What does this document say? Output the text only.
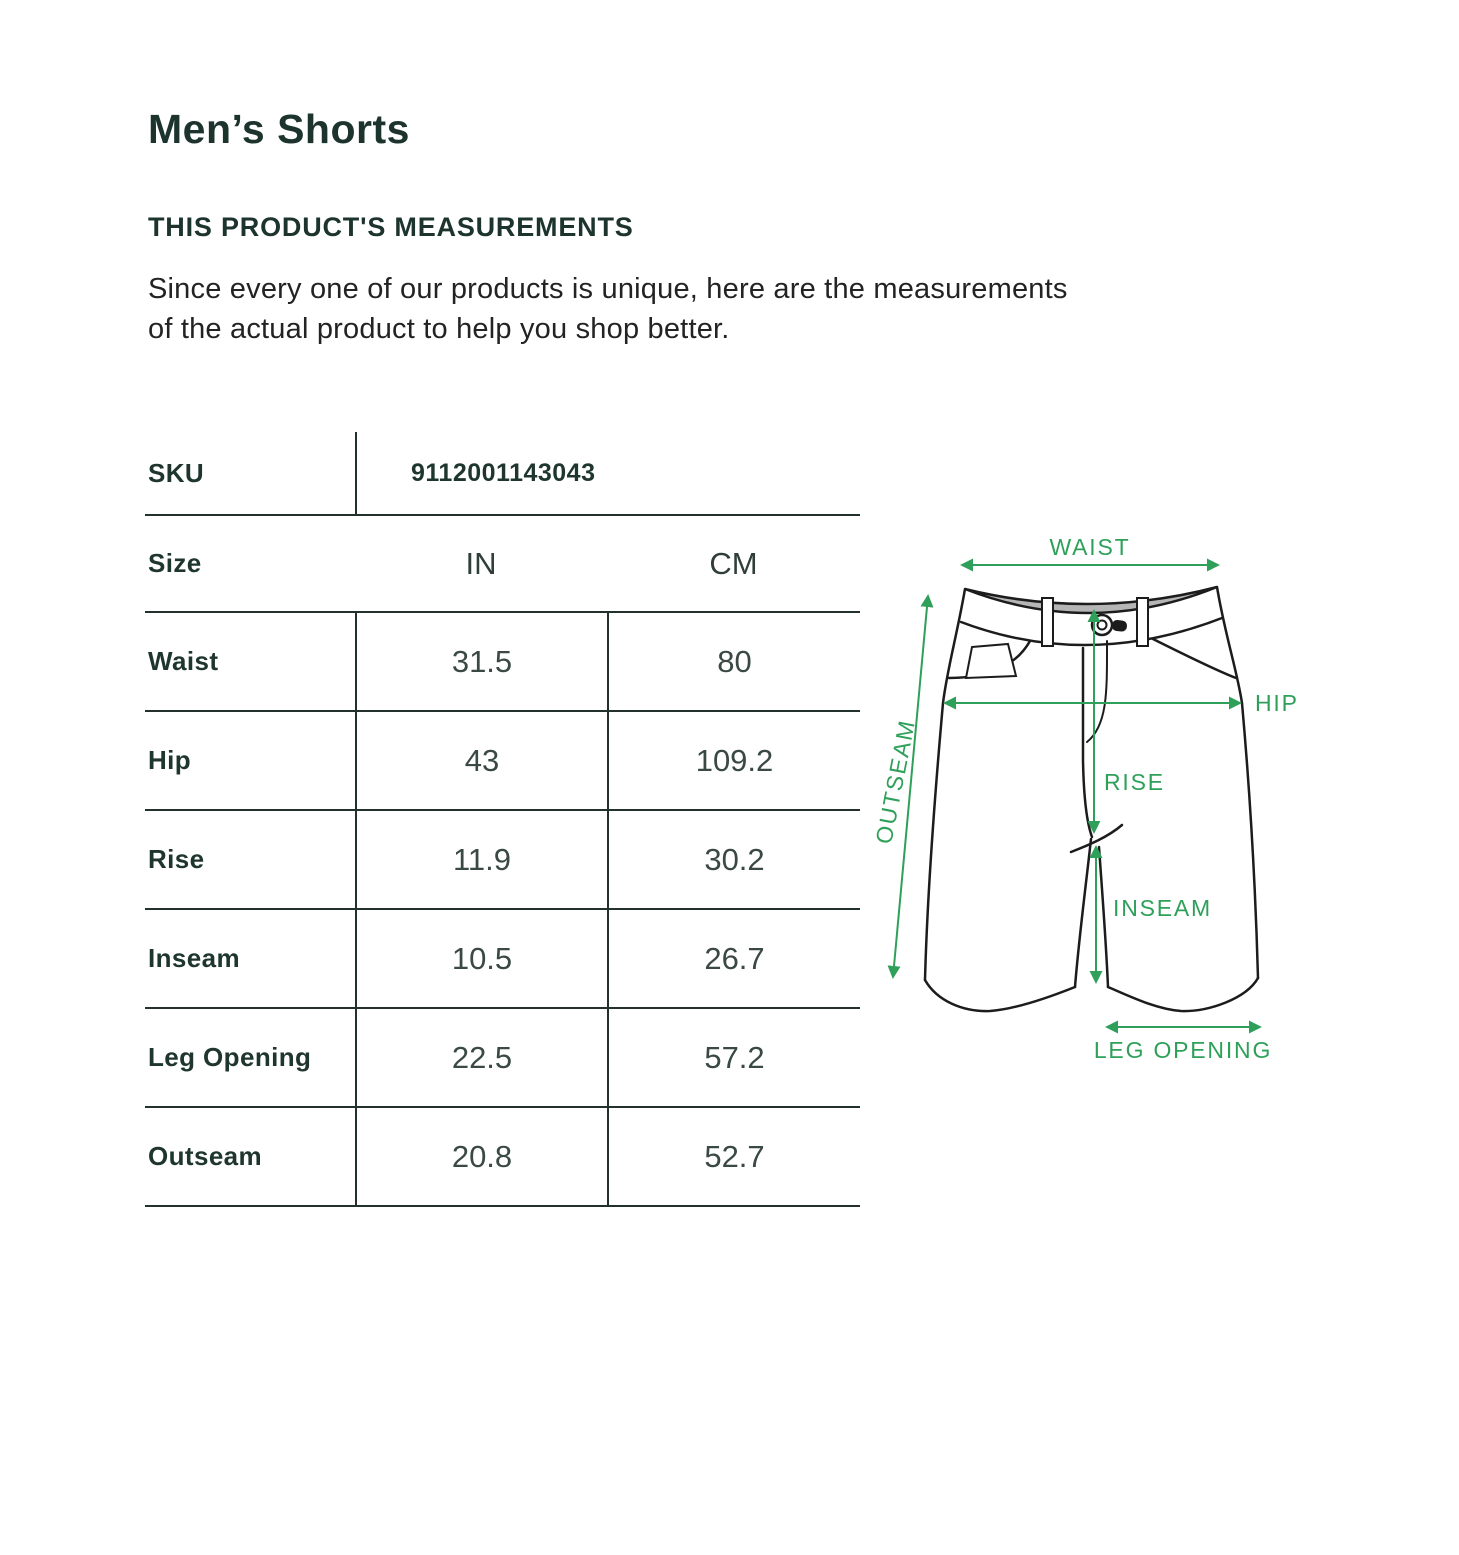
Men’s Shorts
THIS PRODUCT'S MEASUREMENTS
Since every one of our products is unique, here are the measurements
of the actual product to help you shop better.
SKU	9112001143043
Size	IN	CM
Waist	31.5	80
Hip	43	109.2
Rise	11.9	30.2
Inseam	10.5	26.7
Leg Opening	22.5	57.2
Outseam	20.8	52.7
WAIST
OUTSEAM
HIP
RISE
INSEAM
LEG OPENING
